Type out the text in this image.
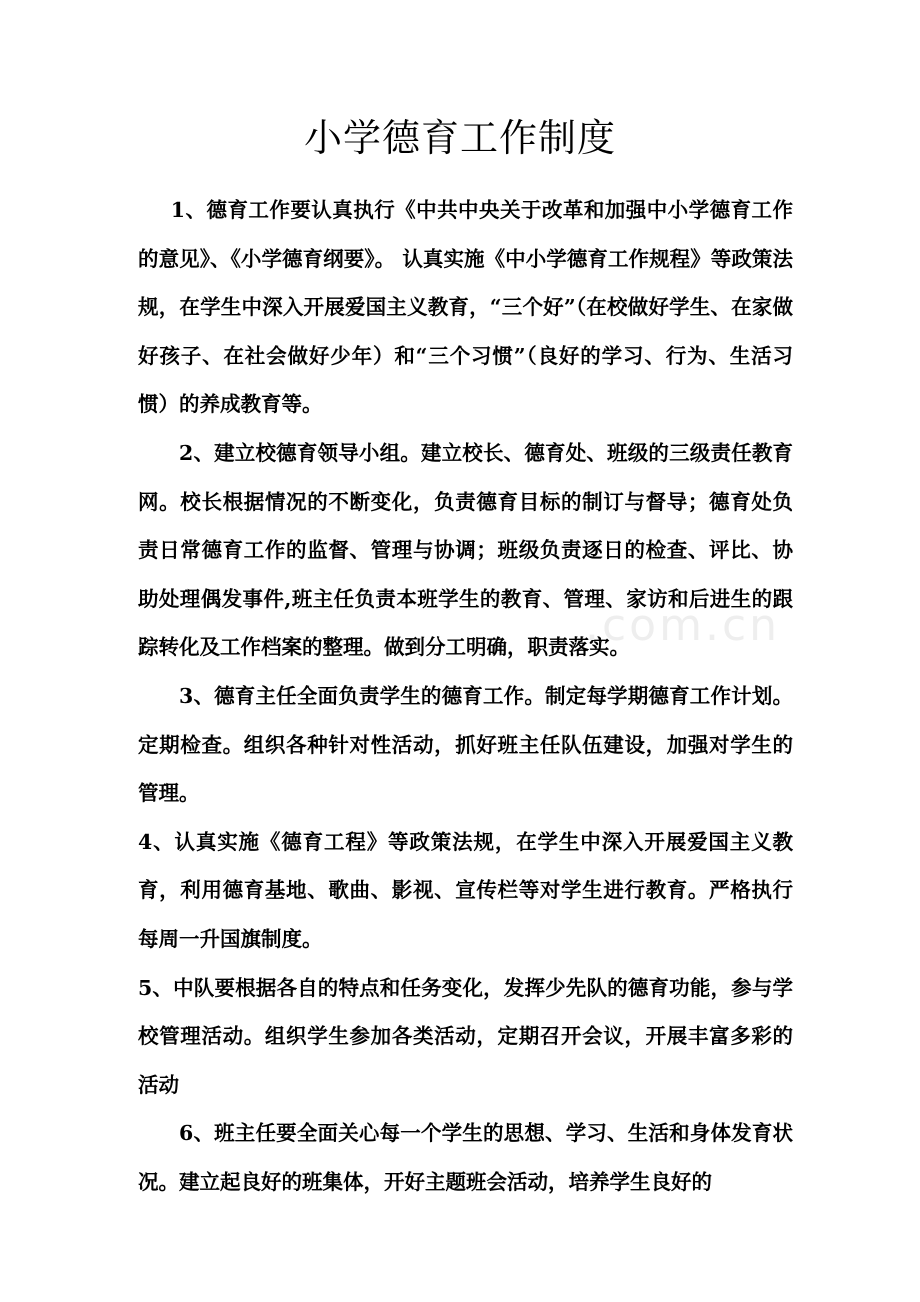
小学德育工作制度

1、德育工作要认真执行《中共中央关于改革和加强中小学德育工作的意见》、《小学德育纲要》。 认真实施《中小学德育工作规程》等政策法规，在学生中深入开展爱国主义教育，“三个好”（在校做好学生、在家做好孩子、在社会做好少年）和“三个习惯”（良好的学习、行为、生活习惯）的养成教育等。

2、建立校德育领导小组。建立校长、德育处、班级的三级责任教育网。校长根据情况的不断变化，负责德育目标的制订与督导；德育处负责日常德育工作的监督、管理与协调；班级负责逐日的检查、评比、协助处理偶发事件,班主任负责本班学生的教育、管理、家访和后进生的跟踪转化及工作档案的整理。做到分工明确，职责落实。

3、德育主任全面负责学生的德育工作。制定每学期德育工作计划。定期检查。组织各种针对性活动，抓好班主任队伍建设，加强对学生的管理。

4、认真实施《德育工程》等政策法规，在学生中深入开展爱国主义教育，利用德育基地、歌曲、影视、宣传栏等对学生进行教育。严格执行每周一升国旗制度。

5、中队要根据各自的特点和任务变化，发挥少先队的德育功能，参与学校管理活动。组织学生参加各类活动，定期召开会议，开展丰富多彩的活动

6、班主任要全面关心每一个学生的思想、学习、生活和身体发育状况。建立起良好的班集体，开好主题班会活动，培养学生良好的

.com.cn
